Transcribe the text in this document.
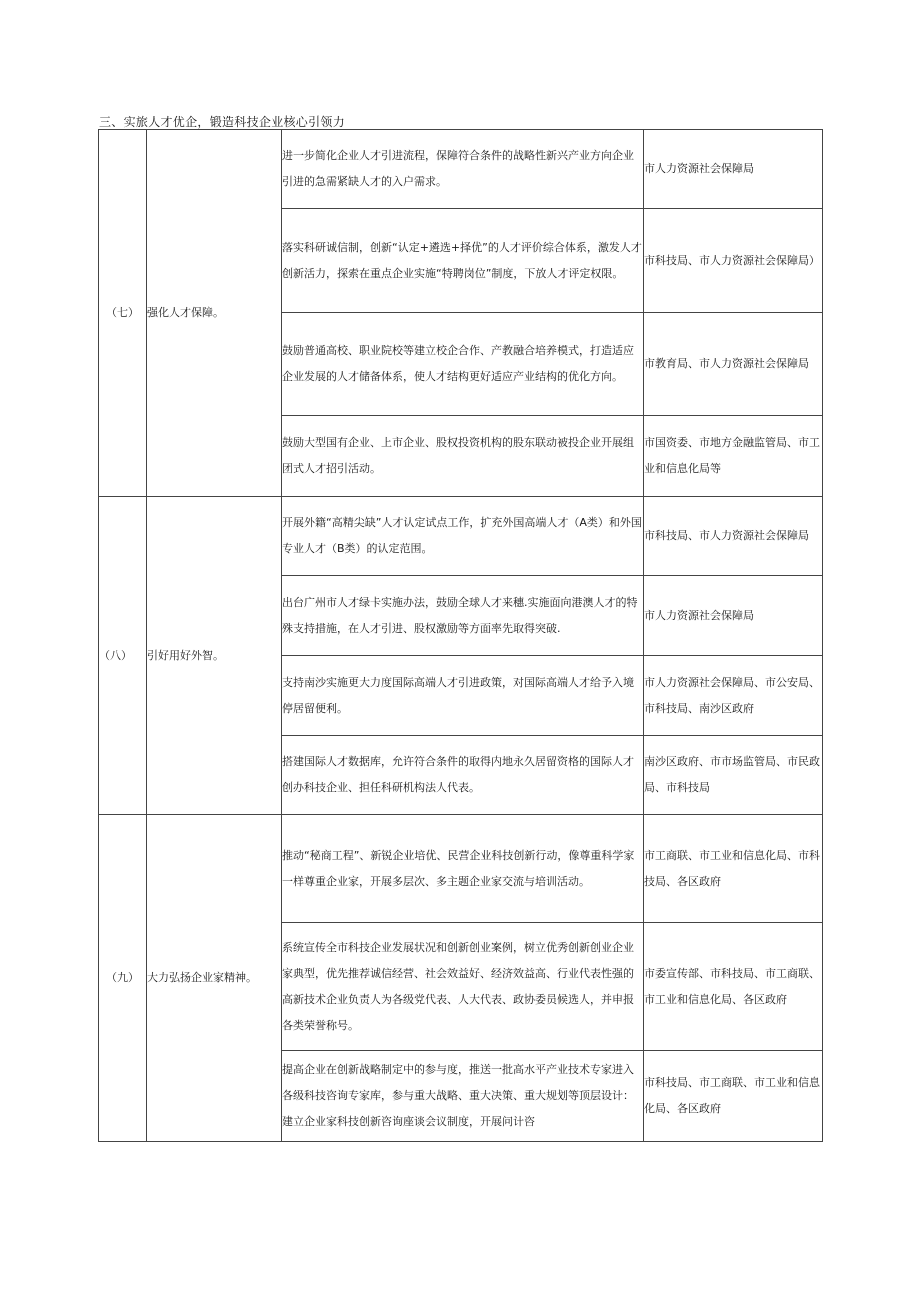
三、实旅人才优企，锻造科技企业核心引领力
（七）	强化人才保障。	进一步简化企业人才引进流程，保障符合条件的战略性新兴产业方向企业引进的急需紧缺人才的入户需求。	市人力资源社会保障局
		落实科研诚信制，创新“认定+遴选+择优”的人才评价综合体系，激发人才创新活力，探索在重点企业实施“特聘岗位”制度，下放人才评定权限。	市科技局、市人力资源社会保障局）
		鼓励普通高校、职业院校等建立校企合作、产教融合培养模式，打造适应企业发展的人才储备体系，使人才结构更好适应产业结构的优化方向。	市教育局、市人力资源社会保障局
		鼓励大型国有企业、上市企业、股权投资机构的股东联动被投企业开展组团式人才招引活动。	市国资委、市地方金融监管局、市工业和信息化局等
（八）	引好用好外智。	开展外籍“高精尖缺”人才认定试点工作，扩充外国高端人才（A类）和外国专业人才（B类）的认定范围。	市科技局、市人力资源社会保障局
		出台广州市人才绿卡实施办法，鼓励全球人才来穗.实施面向港澳人才的特殊支持措施，在人才引进、股权激励等方面率先取得突破.	市人力资源社会保障局
		支持南沙实施更大力度国际高端人才引进政策，对国际高端人才给予入境停居留便利。	市人力资源社会保障局、市公安局、市科技局、南沙区政府
		搭建国际人才数据库，允许符合条件的取得内地永久居留资格的国际人才创办科技企业、担任科研机构法人代表。	南沙区政府、市市场监管局、市民政局、市科技局
（九）	大力弘扬企业家精神。	推动“秘商工程”、新锐企业培优、民营企业科技创新行动，像尊重科学家一样尊重企业家，开展多层次、多主题企业家交流与培训活动。	市工商联、市工业和信息化局、市科技局、各区政府
		系统宣传全市科技企业发展状况和创新创业案例，树立优秀创新创业企业家典型，优先推荐诚信经营、社会效益好、经济效益高、行业代表性强的高新技术企业负责人为各级党代表、人大代表、政协委员候选人，并申报各类荣誉称号。	市委宣传部、市科技局、市工商联、市工业和信息化局、各区政府
		提高企业在创新战略制定中的参与度，推送一批高水平产业技术专家进入各级科技咨询专家库，参与重大战略、重大决策、重大规划等顶层设计：建立企业家科技创新咨询座谈会议制度，开展问计咨	市科技局、市工商联、市工业和信息化局、各区政府
